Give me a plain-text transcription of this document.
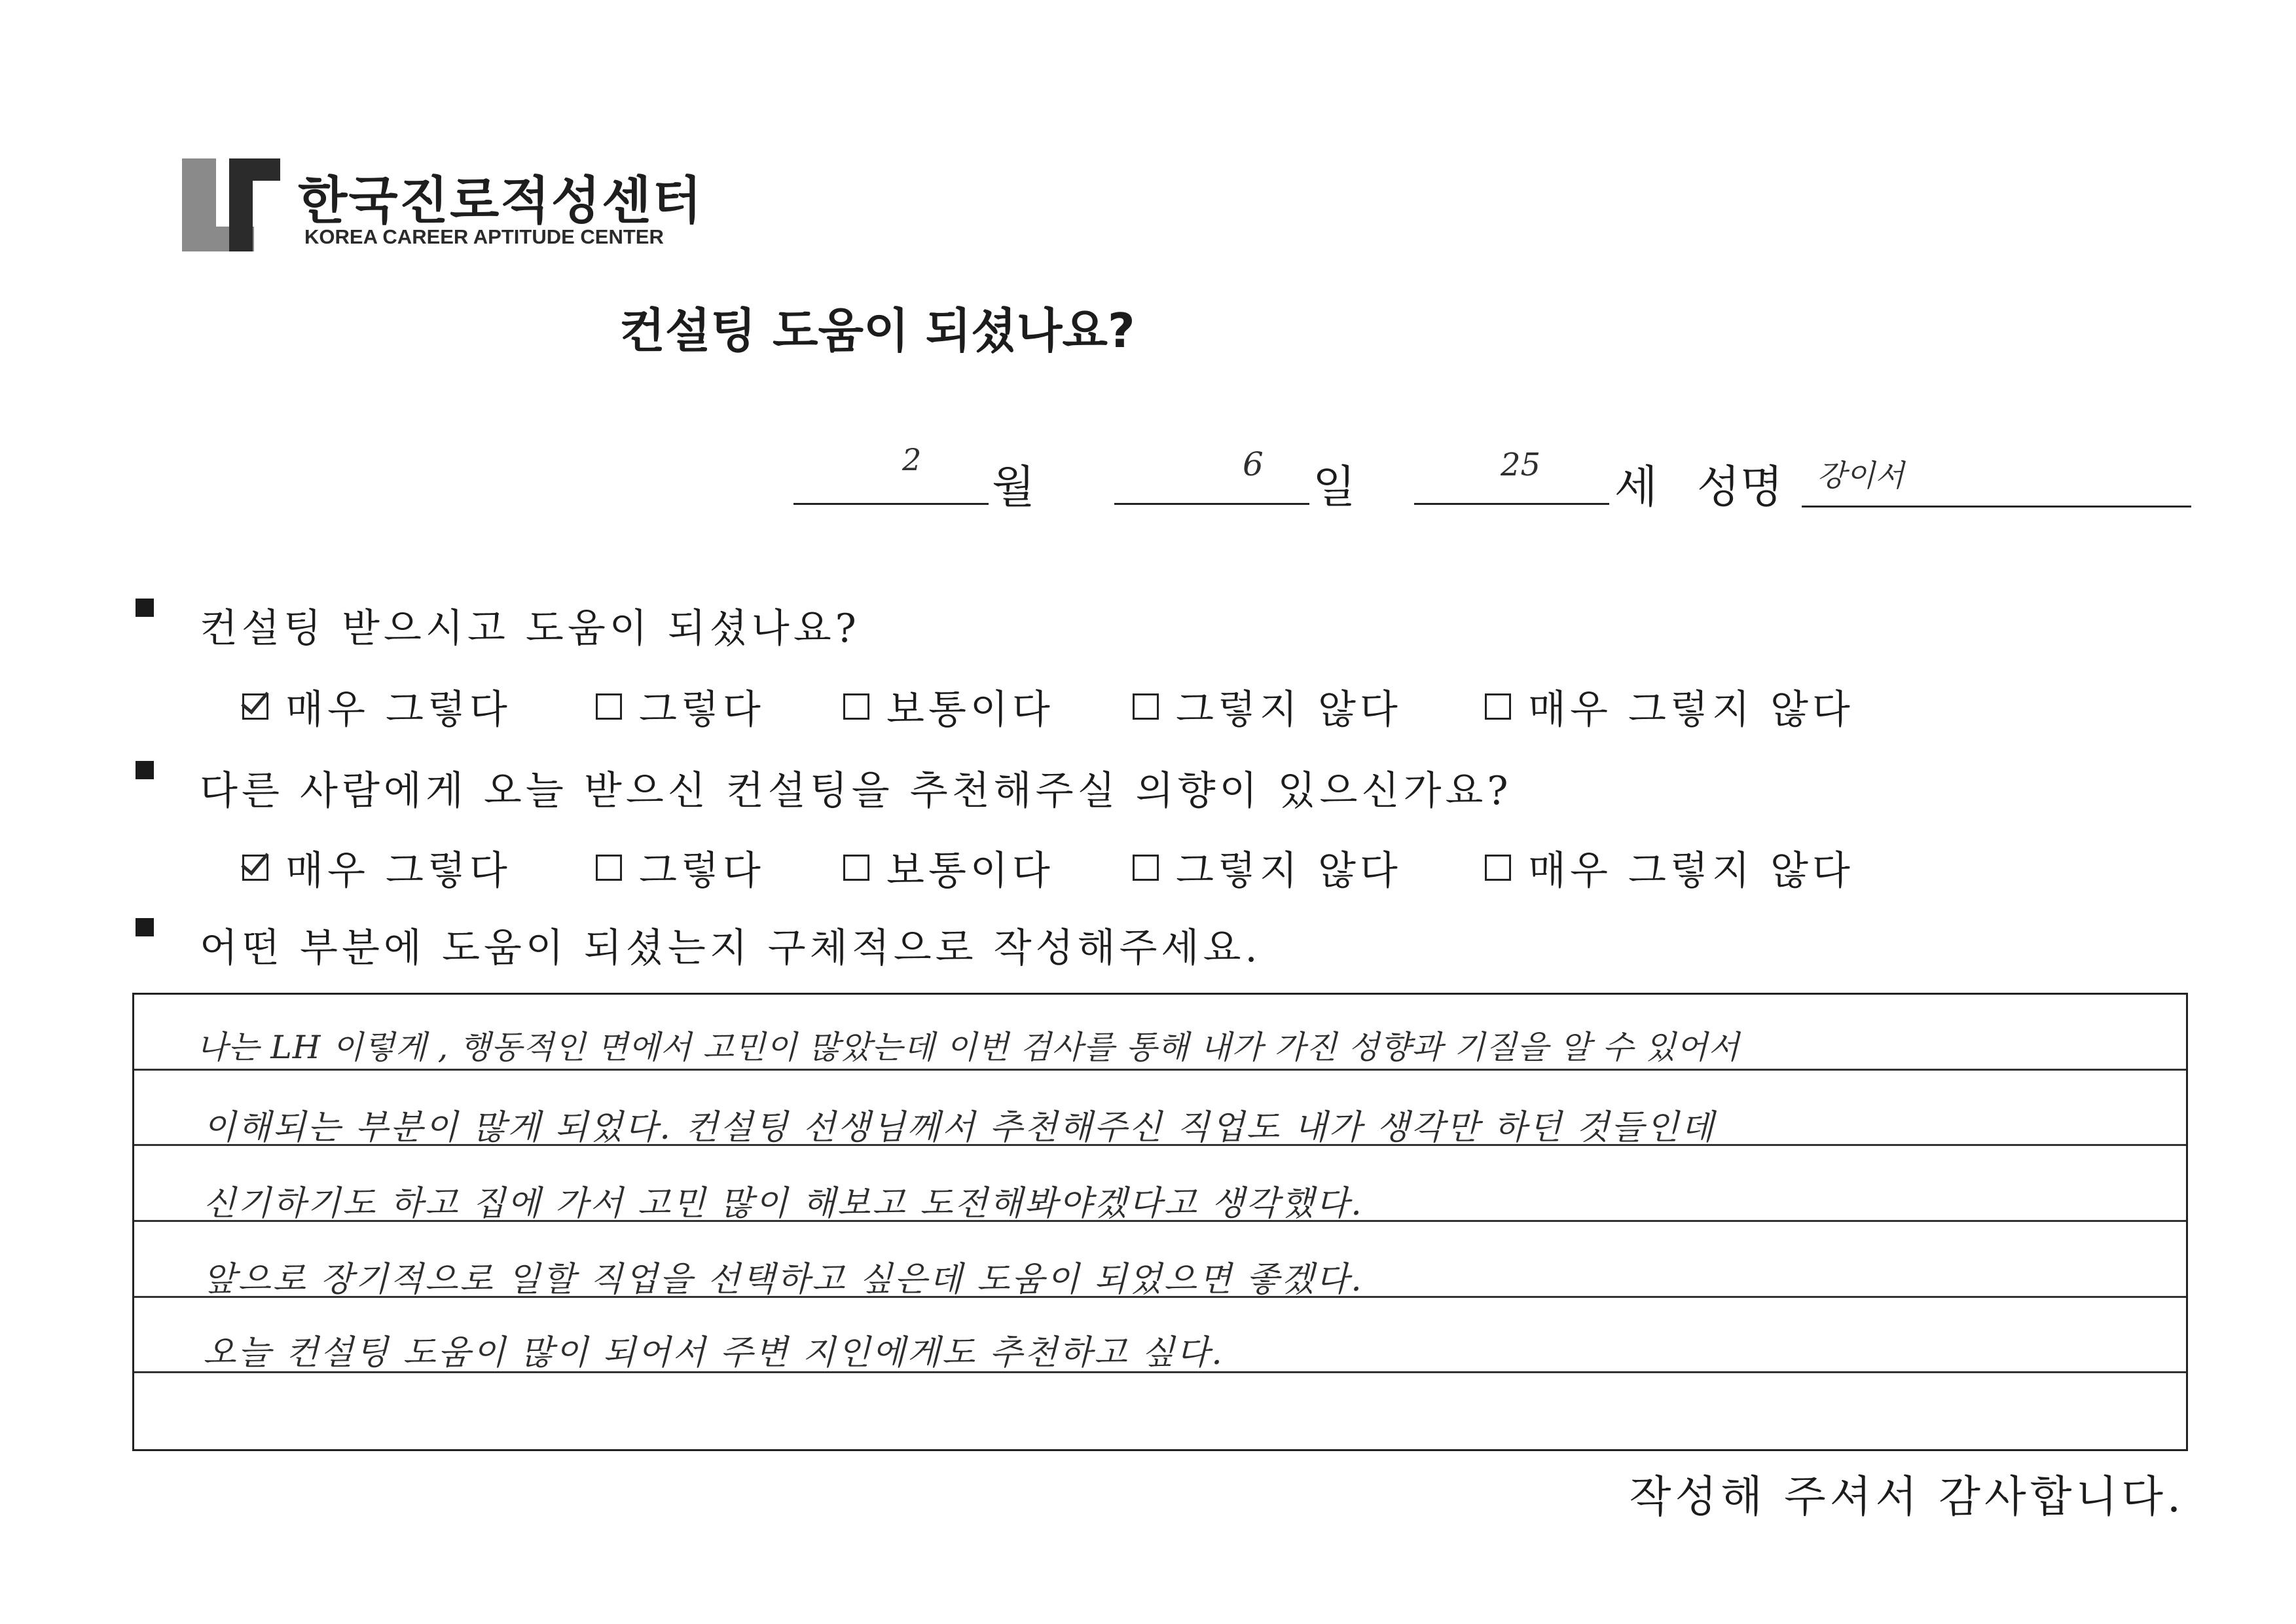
한국진로적성센터
KOREA CAREER APTITUDE CENTER
컨설팅 도움이 되셨나요?
2
월	6 일	25 세 성명 강이서
컨설팅 받으시고 도움이 되셨나요?
매우 그렇다	그렇다	보통이다	그렇지 않다	매우 그렇지 않다
다른 사람에게 오늘 받으신 컨설팅을 추천해주실 의향이 있으신가요?
매우 그렇다	그렇다	보통이다	그렇지 않다	매우 그렇지 않다
어떤 부분에 도움이 되셨는지 구체적으로 작성해주세요.
나는 LH 이렇게 , 행동적인 면에서 고민이 많았는데 이번 검사를 통해 내가 가진 성향과 기질을 알 수 있어서
이해되는 부분이 많게 되었다. 컨설팅 선생님께서 추천해주신 직업도 내가 생각만 하던 것들인데
신기하기도 하고 집에 가서 고민 많이 해보고 도전해봐야겠다고 생각했다.
앞으로 장기적으로 일할 직업을 선택하고 싶은데 도움이 되었으면 좋겠다.
오늘 컨설팅 도움이 많이 되어서 주변 지인에게도 추천하고 싶다.
작성해 주셔서 감사합니다.
